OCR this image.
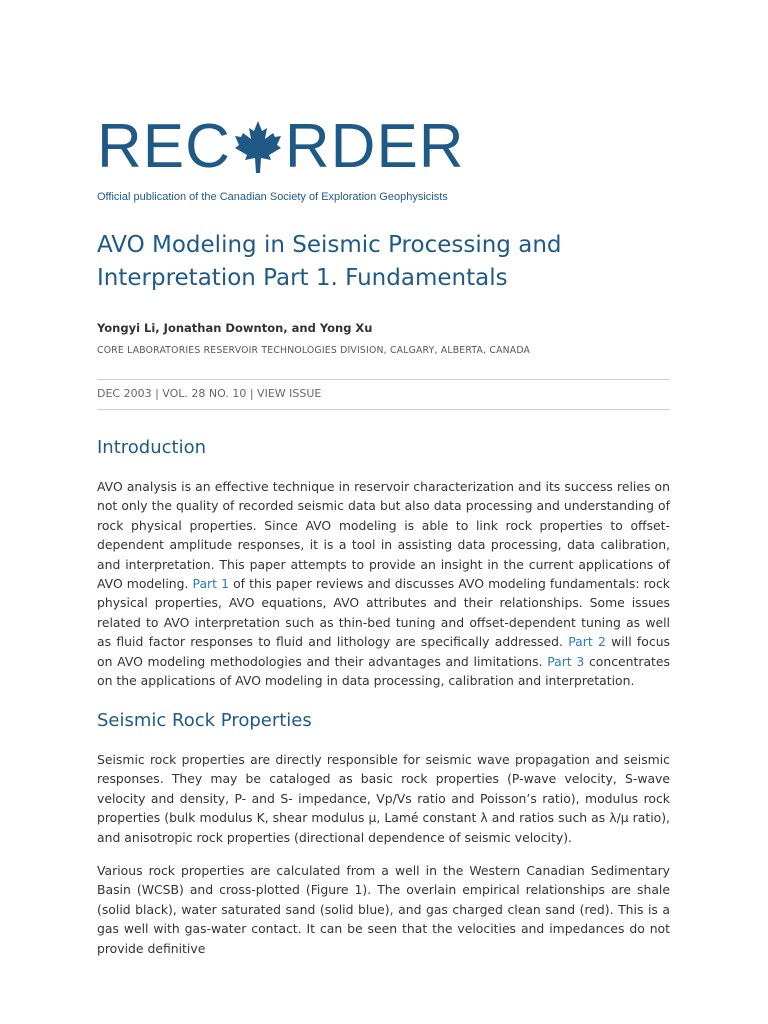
REC RDER
Official publication of the Canadian Society of Exploration Geophysicists
AVO Modeling in Seismic Processing and Interpretation Part 1. Fundamentals
Yongyi Li, Jonathan Downton, and Yong Xu
CORE LABORATORIES RESERVOIR TECHNOLOGIES DIVISION, CALGARY, ALBERTA, CANADA
DEC 2003 | VOL. 28 NO. 10 | VIEW ISSUE
Introduction

AVO analysis is an effective technique in reservoir characterization and its success relies on not only the quality of recorded seismic data but also data processing and understanding of rock physical properties. Since AVO modeling is able to link rock properties to offset-dependent amplitude responses, it is a tool in assisting data processing, data calibration, and interpretation. This paper attempts to provide an insight in the current applications of AVO modeling. Part 1 of this paper reviews and discusses AVO modeling fundamentals: rock physical properties, AVO equations, AVO attributes and their relationships. Some issues related to AVO interpretation such as thin-bed tuning and offset-dependent tuning as well as fluid factor responses to fluid and lithology are specifically addressed. Part 2 will focus on AVO modeling methodologies and their advantages and limitations. Part 3 concentrates on the applications of AVO modeling in data processing, calibration and interpretation.

Seismic Rock Properties

Seismic rock properties are directly responsible for seismic wave propagation and seismic responses. They may be cataloged as basic rock properties (P-wave velocity, S-wave velocity and density, P- and S- impedance, Vp/Vs ratio and Poisson’s ratio), modulus rock properties (bulk modulus K, shear modulus μ, Lamé constant λ and ratios such as λ/μ ratio), and anisotropic rock properties (directional dependence of seismic velocity).

Various rock properties are calculated from a well in the Western Canadian Sedimentary Basin (WCSB) and cross-plotted (Figure 1). The overlain empirical relationships are shale (solid black), water saturated sand (solid blue), and gas charged clean sand (red). This is a gas well with gas-water contact. It can be seen that the velocities and impedances do not provide definitive
